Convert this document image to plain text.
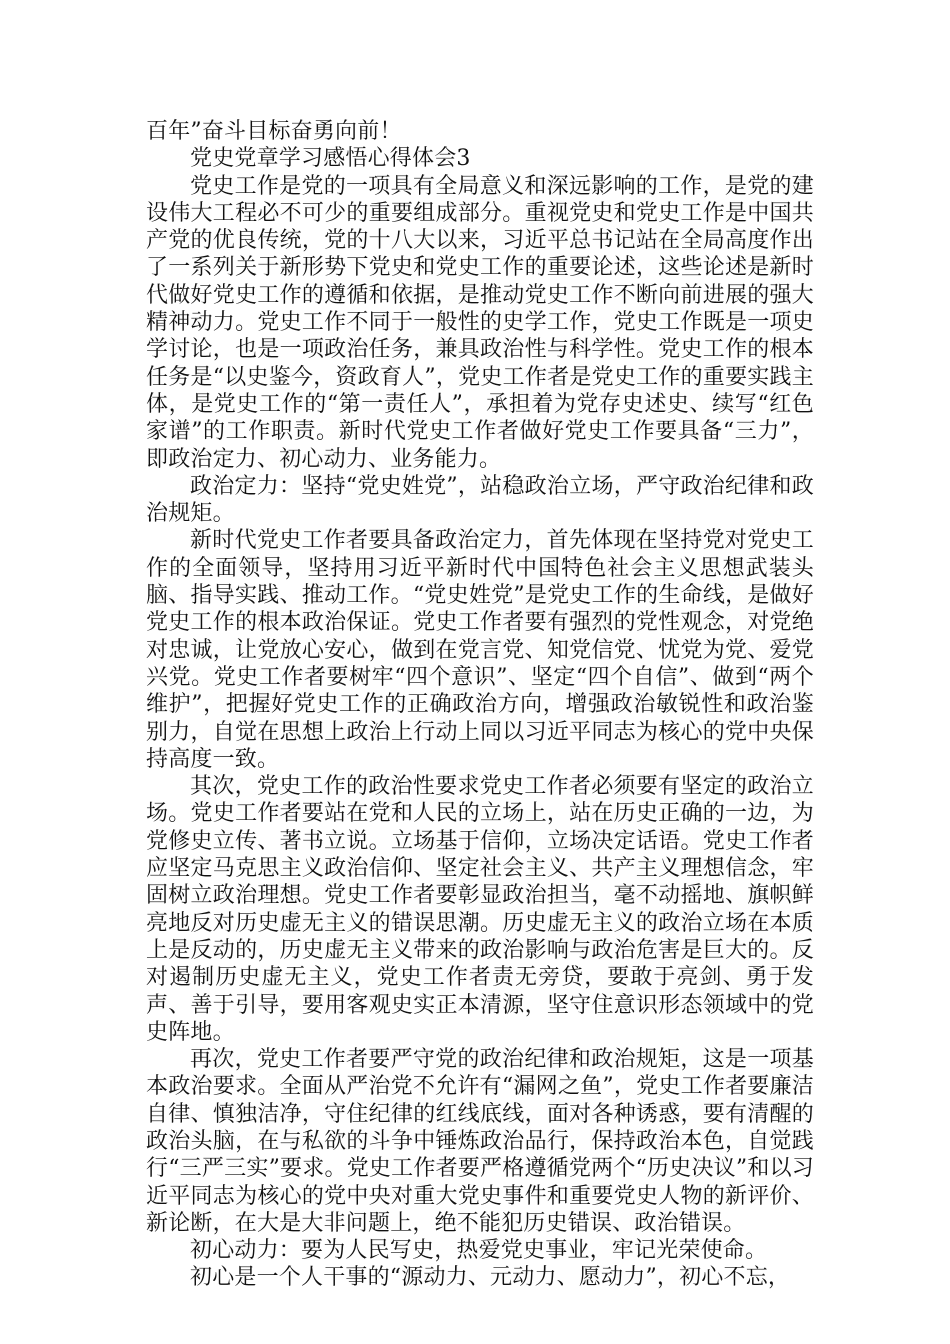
百年”奋斗目标奋勇向前！

党史党章学习感悟心得体会3

党史工作是党的一项具有全局意义和深远影响的工作，是党的建设伟大工程必不可少的重要组成部分。重视党史和党史工作是中国共产党的优良传统，党的十八大以来，习近平总书记站在全局高度作出了一系列关于新形势下党史和党史工作的重要论述，这些论述是新时代做好党史工作的遵循和依据，是推动党史工作不断向前进展的强大精神动力。党史工作不同于一般性的史学工作，党史工作既是一项史学讨论，也是一项政治任务，兼具政治性与科学性。党史工作的根本任务是“以史鉴今，资政育人”，党史工作者是党史工作的重要实践主体，是党史工作的“第一责任人”，承担着为党存史述史、续写“红色家谱”的工作职责。新时代党史工作者做好党史工作要具备“三力”，即政治定力、初心动力、业务能力。

政治定力：坚持“党史姓党”，站稳政治立场，严守政治纪律和政治规矩。

新时代党史工作者要具备政治定力，首先体现在坚持党对党史工作的全面领导，坚持用习近平新时代中国特色社会主义思想武装头脑、指导实践、推动工作。“党史姓党”是党史工作的生命线，是做好党史工作的根本政治保证。党史工作者要有强烈的党性观念，对党绝对忠诚，让党放心安心，做到在党言党、知党信党、忧党为党、爱党兴党。党史工作者要树牢“四个意识”、坚定“四个自信”、做到“两个维护”，把握好党史工作的正确政治方向，增强政治敏锐性和政治鉴别力，自觉在思想上政治上行动上同以习近平同志为核心的党中央保持高度一致。

其次，党史工作的政治性要求党史工作者必须要有坚定的政治立场。党史工作者要站在党和人民的立场上，站在历史正确的一边，为党修史立传、著书立说。立场基于信仰，立场决定话语。党史工作者应坚定马克思主义政治信仰、坚定社会主义、共产主义理想信念，牢固树立政治理想。党史工作者要彰显政治担当，毫不动摇地、旗帜鲜亮地反对历史虚无主义的错误思潮。历史虚无主义的政治立场在本质上是反动的，历史虚无主义带来的政治影响与政治危害是巨大的。反对遏制历史虚无主义，党史工作者责无旁贷，要敢于亮剑、勇于发声、善于引导，要用客观史实正本清源，坚守住意识形态领域中的党史阵地。

再次，党史工作者要严守党的政治纪律和政治规矩，这是一项基本政治要求。全面从严治党不允许有“漏网之鱼”，党史工作者要廉洁自律、慎独洁净，守住纪律的红线底线，面对各种诱惑，要有清醒的政治头脑，在与私欲的斗争中锤炼政治品行，保持政治本色，自觉践行“三严三实”要求。党史工作者要严格遵循党两个“历史决议”和以习近平同志为核心的党中央对重大党史事件和重要党史人物的新评价、新论断，在大是大非问题上，绝不能犯历史错误、政治错误。

初心动力：要为人民写史，热爱党史事业，牢记光荣使命。

初心是一个人干事的“源动力、元动力、愿动力”，初心不忘，
